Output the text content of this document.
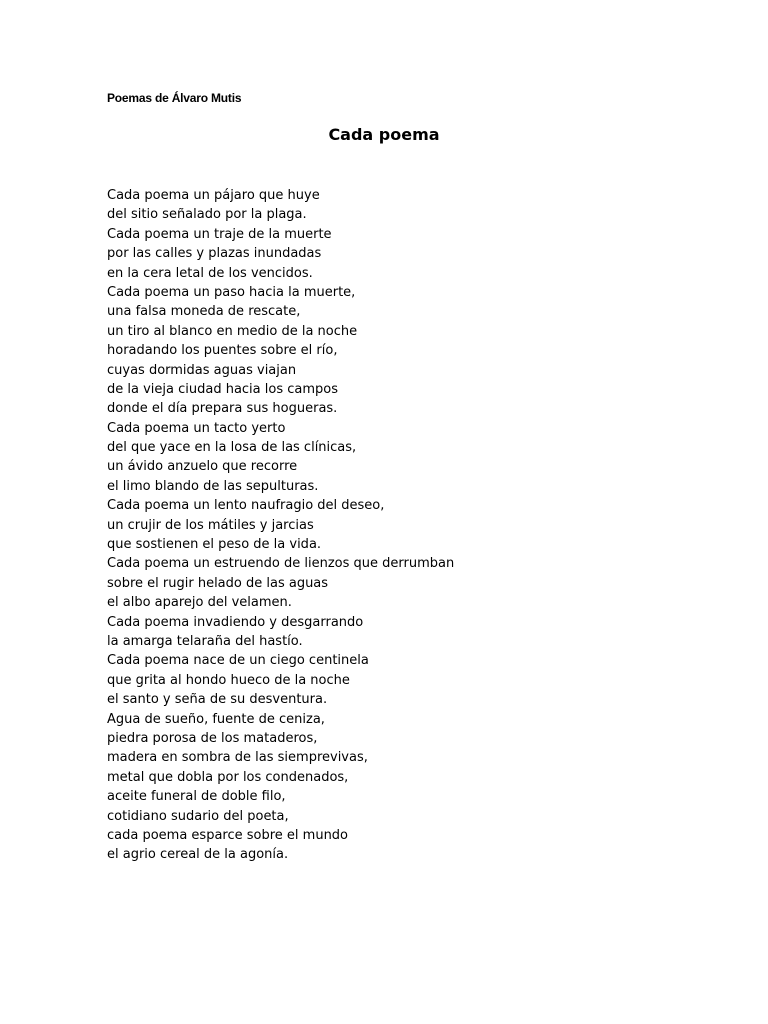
Poemas de Álvaro Mutis
Cada poema
Cada poema un pájaro que huye
del sitio señalado por la plaga.
Cada poema un traje de la muerte
por las calles y plazas inundadas
en la cera letal de los vencidos.
Cada poema un paso hacia la muerte,
una falsa moneda de rescate,
un tiro al blanco en medio de la noche
horadando los puentes sobre el río,
cuyas dormidas aguas viajan
de la vieja ciudad hacia los campos
donde el día prepara sus hogueras.
Cada poema un tacto yerto
del que yace en la losa de las clínicas,
un ávido anzuelo que recorre
el limo blando de las sepulturas.
Cada poema un lento naufragio del deseo,
un crujir de los mátiles y jarcias
que sostienen el peso de la vida.
Cada poema un estruendo de lienzos que derrumban
sobre el rugir helado de las aguas
el albo aparejo del velamen.
Cada poema invadiendo y desgarrando
la amarga telaraña del hastío.
Cada poema nace de un ciego centinela
que grita al hondo hueco de la noche
el santo y seña de su desventura.
Agua de sueño, fuente de ceniza,
piedra porosa de los mataderos,
madera en sombra de las siemprevivas,
metal que dobla por los condenados,
aceite funeral de doble filo,
cotidiano sudario del poeta,
cada poema esparce sobre el mundo
el agrio cereal de la agonía.
